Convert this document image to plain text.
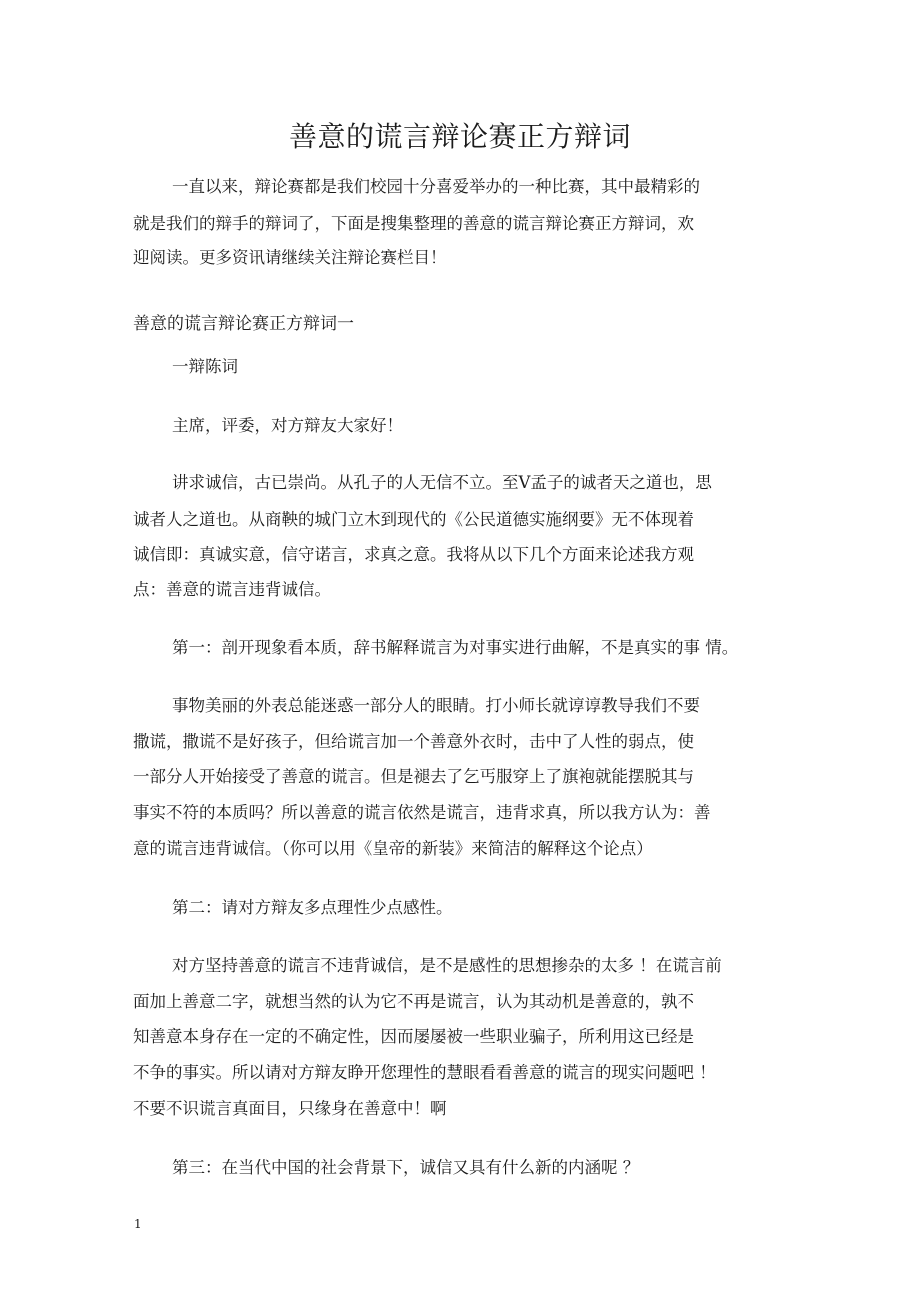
善意的谎言辩论赛正方辩词
一直以来，辩论赛都是我们校园十分喜爱举办的一种比赛，其中最精彩的
就是我们的辩手的辩词了，下面是搜集整理的善意的谎言辩论赛正方辩词，欢
迎阅读。更多资讯请继续关注辩论赛栏目！
善意的谎言辩论赛正方辩词一
一辩陈词
主席，评委，对方辩友大家好！
讲求诚信，古已崇尚。从孔子的人无信不立。至V孟子的诚者天之道也，思
诚者人之道也。从商鞅的城门立木到现代的《公民道德实施纲要》无不体现着
诚信即：真诚实意，信守诺言，求真之意。我将从以下几个方面来论述我方观
点：善意的谎言违背诚信。
第一：剖开现象看本质，辞书解释谎言为对事实进行曲解，不是真实的事 情。
事物美丽的外表总能迷惑一部分人的眼睛。打小师长就谆谆教导我们不要
撒谎，撒谎不是好孩子，但给谎言加一个善意外衣时，击中了人性的弱点，使
一部分人开始接受了善意的谎言。但是褪去了乞丐服穿上了旗袍就能摆脱其与
事实不符的本质吗？所以善意的谎言依然是谎言，违背求真，所以我方认为：善
意的谎言违背诚信。（你可以用《皇帝的新装》来简洁的解释这个论点）
第二：请对方辩友多点理性少点感性。
对方坚持善意的谎言不违背诚信，是不是感性的思想掺杂的太多 ！在谎言前
面加上善意二字，就想当然的认为它不再是谎言，认为其动机是善意的，孰不
知善意本身存在一定的不确定性，因而屡屡被一些职业骗子，所利用这已经是
不争的事实。所以请对方辩友睁开您理性的慧眼看看善意的谎言的现实问题吧 ！
不要不识谎言真面目，只缘身在善意中！啊
第三：在当代中国的社会背景下，诚信又具有什么新的内涵呢 ？
1
